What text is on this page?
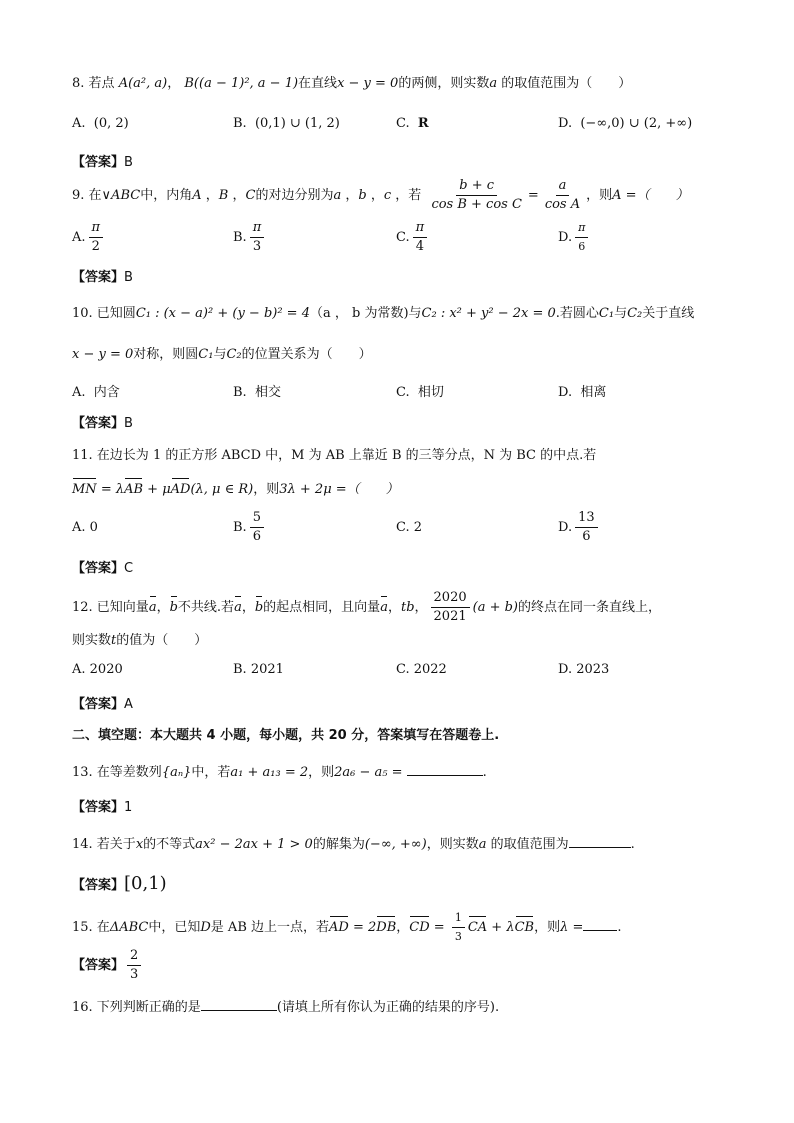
8. 若点 A(a², a)， B((a − 1)², a − 1)在直线x − y = 0的两侧，则实数a 的取值范围为（　　）
A. (0, 2)	B. (0,1) ∪ (1, 2)	C. R	D. (−∞,0) ∪ (2, +∞)
【答案】B
9. 在∨ABC中，内角A ，B ，C的对边分别为a ，b ，c ，若 $\frac{b + c}{\text{cos B + cos C}} = \frac{a}{\text{cos A}}$ ，则A =（　　）
A. $\frac{\pi}{2}$	B. $\frac{\pi}{3}$	C. $\frac{\pi}{4}$	D. $\frac{\pi}{6}$
【答案】B
10. 已知圆C₁ : (x − a)² + (y − b)² = 4（a ， b 为常数)与C₂ : x² + y² − 2x = 0.若圆心C₁与C₂关于直线
x − y = 0对称，则圆C₁与C₂的位置关系为（　　）
A. 内含	B. 相交	C. 相切	D. 相离
【答案】B
11. 在边长为 1 的正方形 ABCD 中，M 为 AB 上靠近 B 的三等分点，N 为 BC 的中点.若
MN = λAB + μAD(λ, μ ∈ R)，则3λ + 2μ =（　　）
A. 0	B. $\frac{5}{6}$	C. 2	D. $\frac{13}{6}$
【答案】C
12. 已知向量a，b不共线.若a，b的起点相同，且向量a，tb， $\frac{2020}{2021} (a + b)$的终点在同一条直线上，
则实数t的值为（　　）
A. 2020	B. 2021	C. 2022	D. 2023
【答案】A
二、填空题：本大题共 4 小题，每小题，共 20 分，答案填写在答题卷上.
13. 在等差数列{aₙ}中，若a₁ + a₁₃ = 2，则2a₆ − a₅ =	.
【答案】1
14. 若关于x的不等式ax² − 2ax + 1 > 0的解集为(−∞, +∞)，则实数a 的取值范围为	.
【答案】[0,1)
15. 在ΔABC中，已知D是 AB 边上一点，若AD = 2DB，CD = $\frac{1}{3}$ CA + λCB，则λ =	.
【答案】 $\frac{2}{3}$
16. 下列判断正确的是	(请填上所有你认为正确的结果的序号).
